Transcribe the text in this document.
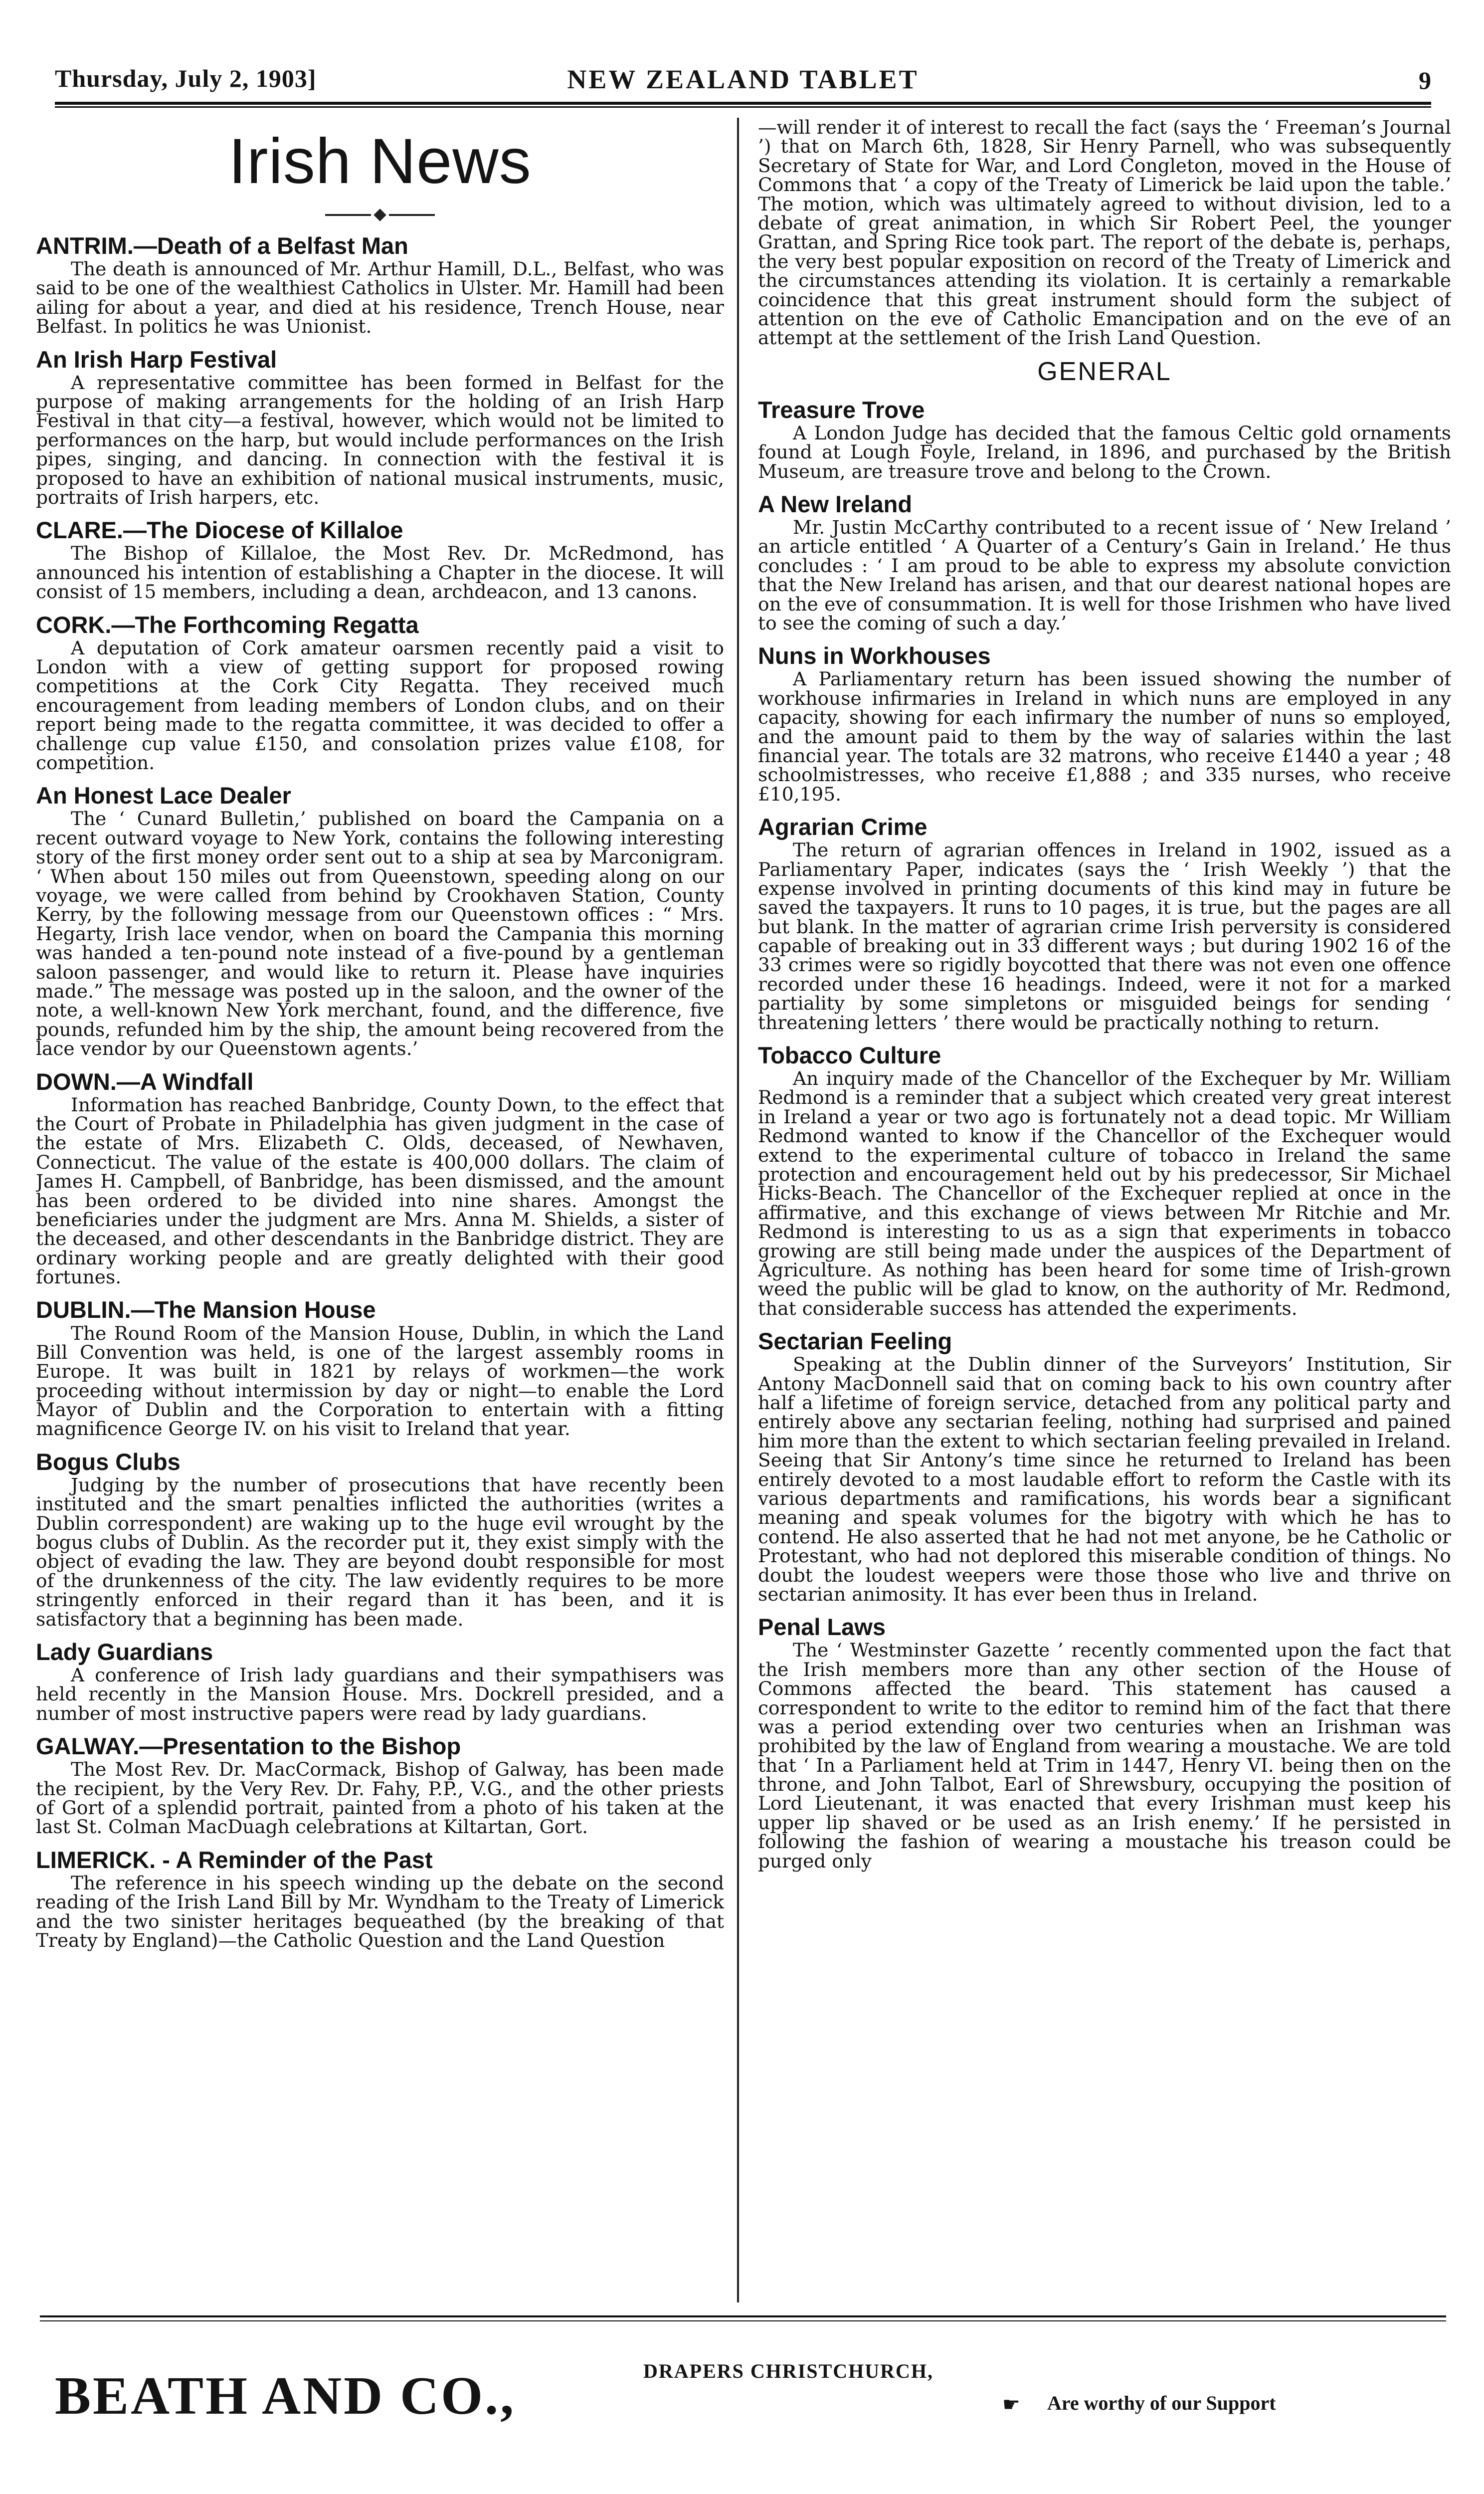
Thursday, July 2, 1903]	NEW ZEALAND TABLET	9
Irish News
ANTRIM.—Death of a Belfast Man

The death is announced of Mr. Arthur Hamill, D.L., Belfast, who was said to be one of the wealthiest Catholics in Ulster. Mr. Hamill had been ailing for about a year, and died at his residence, Trench House, near Belfast. In politics he was Unionist.

An Irish Harp Festival

A representative committee has been formed in Belfast for the purpose of making arrangements for the holding of an Irish Harp Festival in that city—a festival, however, which would not be limited to performances on the harp, but would include performances on the Irish pipes, singing, and dancing. In connection with the festival it is proposed to have an exhibition of national musical instruments, music, portraits of Irish harpers, etc.

CLARE.—The Diocese of Killaloe

The Bishop of Killaloe, the Most Rev. Dr. McRedmond, has announced his intention of establishing a Chapter in the diocese. It will consist of 15 members, including a dean, archdeacon, and 13 canons.

CORK.—The Forthcoming Regatta

A deputation of Cork amateur oarsmen recently paid a visit to London with a view of getting support for proposed rowing competitions at the Cork City Regatta. They received much encouragement from leading members of London clubs, and on their report being made to the regatta committee, it was decided to offer a challenge cup value £150, and consolation prizes value £108, for competition.

An Honest Lace Dealer

The ‘ Cunard Bulletin,’ published on board the Campania on a recent outward voyage to New York, contains the following interesting story of the first money order sent out to a ship at sea by Marconigram. ‘ When about 150 miles out from Queenstown, speeding along on our voyage, we were called from behind by Crookhaven Station, County Kerry, by the following message from our Queenstown offices : “ Mrs. Hegarty, Irish lace vendor, when on board the Campania this morning was handed a ten-pound note instead of a five-pound by a gentleman saloon passenger, and would like to return it. Please have inquiries made.” The message was posted up in the saloon, and the owner of the note, a well-known New York merchant, found, and the difference, five pounds, refunded him by the ship, the amount being recovered from the lace vendor by our Queenstown agents.’

DOWN.—A Windfall

Information has reached Banbridge, County Down, to the effect that the Court of Probate in Philadelphia has given judgment in the case of the estate of Mrs. Elizabeth C. Olds, deceased, of Newhaven, Connecticut. The value of the estate is 400,000 dollars. The claim of James H. Campbell, of Banbridge, has been dismissed, and the amount has been ordered to be divided into nine shares. Amongst the beneficiaries under the judgment are Mrs. Anna M. Shields, a sister of the deceased, and other descendants in the Banbridge district. They are ordinary working people and are greatly delighted with their good fortunes.

DUBLIN.—The Mansion House

The Round Room of the Mansion House, Dublin, in which the Land Bill Convention was held, is one of the largest assembly rooms in Europe. It was built in 1821 by relays of workmen—the work proceeding without intermission by day or night—to enable the Lord Mayor of Dublin and the Corporation to entertain with a fitting magnificence George IV. on his visit to Ireland that year.

Bogus Clubs

Judging by the number of prosecutions that have recently been instituted and the smart penalties inflicted the authorities (writes a Dublin correspondent) are waking up to the huge evil wrought by the bogus clubs of Dublin. As the recorder put it, they exist simply with the object of evading the law. They are beyond doubt responsible for most of the drunkenness of the city. The law evidently requires to be more stringently enforced in their regard than it has been, and it is satisfactory that a beginning has been made.

Lady Guardians

A conference of Irish lady guardians and their sympathisers was held recently in the Mansion House. Mrs. Dockrell presided, and a number of most instructive papers were read by lady guardians.

GALWAY.—Presentation to the Bishop

The Most Rev. Dr. MacCormack, Bishop of Galway, has been made the recipient, by the Very Rev. Dr. Fahy, P.P., V.G., and the other priests of Gort of a splendid portrait, painted from a photo of his taken at the last St. Colman MacDuagh celebrations at Kiltartan, Gort.

LIMERICK. - A Reminder of the Past

The reference in his speech winding up the debate on the second reading of the Irish Land Bill by Mr. Wyndham to the Treaty of Limerick and the two sinister heritages bequeathed (by the breaking of that Treaty by England)—the Catholic Question and the Land Question

—will render it of interest to recall the fact (says the ‘ Freeman’s Journal ’) that on March 6th, 1828, Sir Henry Parnell, who was subsequently Secretary of State for War, and Lord Congleton, moved in the House of Commons that ‘ a copy of the Treaty of Limerick be laid upon the table.’ The motion, which was ultimately agreed to without division, led to a debate of great animation, in which Sir Robert Peel, the younger Grattan, and Spring Rice took part. The report of the debate is, perhaps, the very best popular exposition on record of the Treaty of Limerick and the circumstances attending its violation. It is certainly a remarkable coincidence that this great instrument should form the subject of attention on the eve of Catholic Emancipation and on the eve of an attempt at the settlement of the Irish Land Question.

GENERAL
Treasure Trove

A London Judge has decided that the famous Celtic gold ornaments found at Lough Foyle, Ireland, in 1896, and purchased by the British Museum, are treasure trove and belong to the Crown.

A New Ireland

Mr. Justin McCarthy contributed to a recent issue of ‘ New Ireland ’ an article entitled ‘ A Quarter of a Century’s Gain in Ireland.’ He thus concludes : ‘ I am proud to be able to express my absolute conviction that the New Ireland has arisen, and that our dearest national hopes are on the eve of consummation. It is well for those Irishmen who have lived to see the coming of such a day.’

Nuns in Workhouses

A Parliamentary return has been issued showing the number of workhouse infirmaries in Ireland in which nuns are employed in any capacity, showing for each infirmary the number of nuns so employed, and the amount paid to them by the way of salaries within the last financial year. The totals are 32 matrons, who receive £1440 a year ; 48 schoolmistresses, who receive £1,888 ; and 335 nurses, who receive £10,195.

Agrarian Crime

The return of agrarian offences in Ireland in 1902, issued as a Parliamentary Paper, indicates (says the ‘ Irish Weekly ’) that the expense involved in printing documents of this kind may in future be saved the taxpayers. It runs to 10 pages, it is true, but the pages are all but blank. In the matter of agrarian crime Irish perversity is considered capable of breaking out in 33 different ways ; but during 1902 16 of the 33 crimes were so rigidly boycotted that there was not even one offence recorded under these 16 headings. Indeed, were it not for a marked partiality by some simpletons or misguided beings for sending ‘ threatening letters ’ there would be practically nothing to return.

Tobacco Culture

An inquiry made of the Chancellor of the Exchequer by Mr. William Redmond is a reminder that a subject which created very great interest in Ireland a year or two ago is fortunately not a dead topic. Mr William Redmond wanted to know if the Chancellor of the Exchequer would extend to the experimental culture of tobacco in Ireland the same protection and encouragement held out by his predecessor, Sir Michael Hicks-Beach. The Chancellor of the Exchequer replied at once in the affirmative, and this exchange of views between Mr Ritchie and Mr. Redmond is interesting to us as a sign that experiments in tobacco growing are still being made under the auspices of the Department of Agriculture. As nothing has been heard for some time of Irish-grown weed the public will be glad to know, on the authority of Mr. Redmond, that considerable success has attended the experiments.

Sectarian Feeling

Speaking at the Dublin dinner of the Surveyors’ Institution, Sir Antony MacDonnell said that on coming back to his own country after half a lifetime of foreign service, detached from any political party and entirely above any sectarian feeling, nothing had surprised and pained him more than the extent to which sectarian feeling prevailed in Ireland. Seeing that Sir Antony’s time since he returned to Ireland has been entirely devoted to a most laudable effort to reform the Castle with its various departments and ramifications, his words bear a significant meaning and speak volumes for the bigotry with which he has to contend. He also asserted that he had not met anyone, be he Catholic or Protestant, who had not deplored this miserable condition of things. No doubt the loudest weepers were those those who live and thrive on sectarian animosity. It has ever been thus in Ireland.

Penal Laws

The ‘ Westminster Gazette ’ recently commented upon the fact that the Irish members more than any other section of the House of Commons affected the beard. This statement has caused a correspondent to write to the editor to remind him of the fact that there was a period extending over two centuries when an Irishman was prohibited by the law of England from wearing a moustache. We are told that ‘ In a Parliament held at Trim in 1447, Henry VI. being then on the throne, and John Talbot, Earl of Shrewsbury, occupying the position of Lord Lieutenant, it was enacted that every Irishman must keep his upper lip shaved or be used as an Irish enemy.’ If he persisted in following the fashion of wearing a moustache his treason could be purged only

BEATH AND CO.,	DRAPERS CHRISTCHURCH,
☛ Are worthy of our Support
